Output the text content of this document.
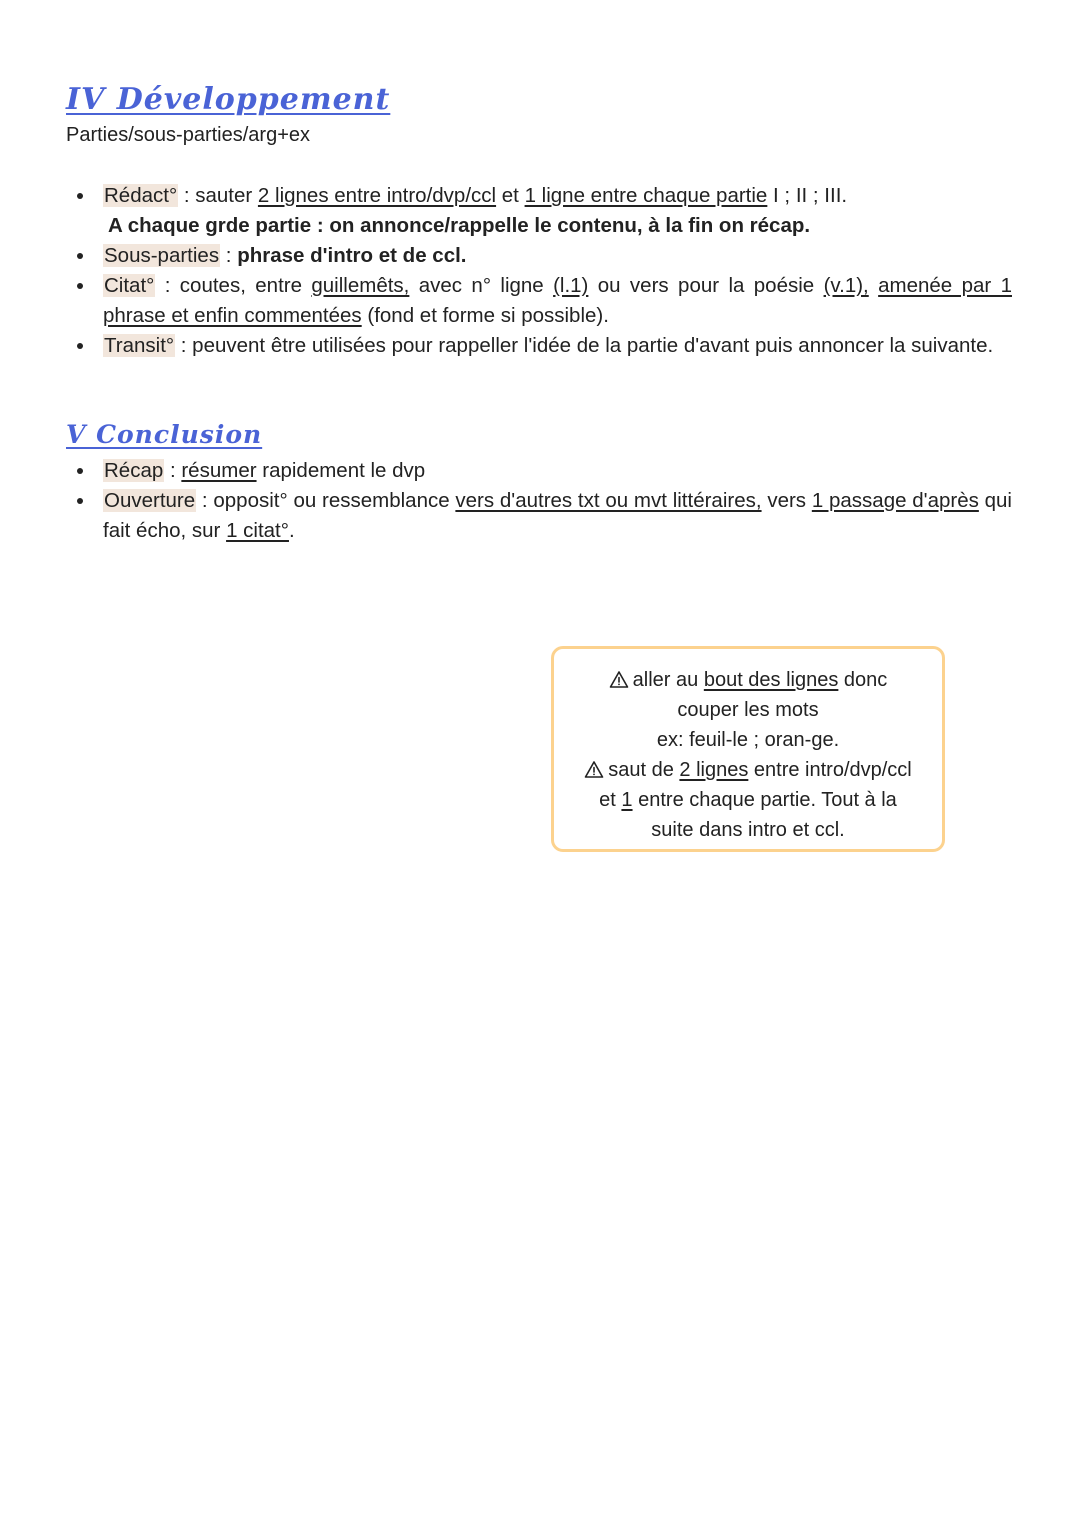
IV Développement
Parties/sous-parties/arg+ex
Rédact° : sauter 2 lignes entre intro/dvp/ccl et 1 ligne entre chaque partie I ; II ; III.
A chaque grde partie : on annonce/rappelle le contenu, à la fin on récap.
Sous-parties : phrase d'intro et de ccl.
Citat° : coutes, entre guillemêts, avec n° ligne (l.1) ou vers pour la poésie (v.1), amenée par 1 phrase et enfin commentées (fond et forme si possible).
Transit° : peuvent être utilisées pour rappeller l'idée de la partie d'avant puis annoncer la suivante.
V Conclusion
Récap : résumer rapidement le dvp
Ouverture : opposit° ou ressemblance vers d'autres txt ou mvt littéraires, vers 1 passage d'après qui fait écho, sur 1 citat°.
aller au bout des lignes donc
couper les mots
ex: feuil-le ; oran-ge.
saut de 2 lignes entre intro/dvp/ccl
et 1 entre chaque partie. Tout à la
suite dans intro et ccl.
